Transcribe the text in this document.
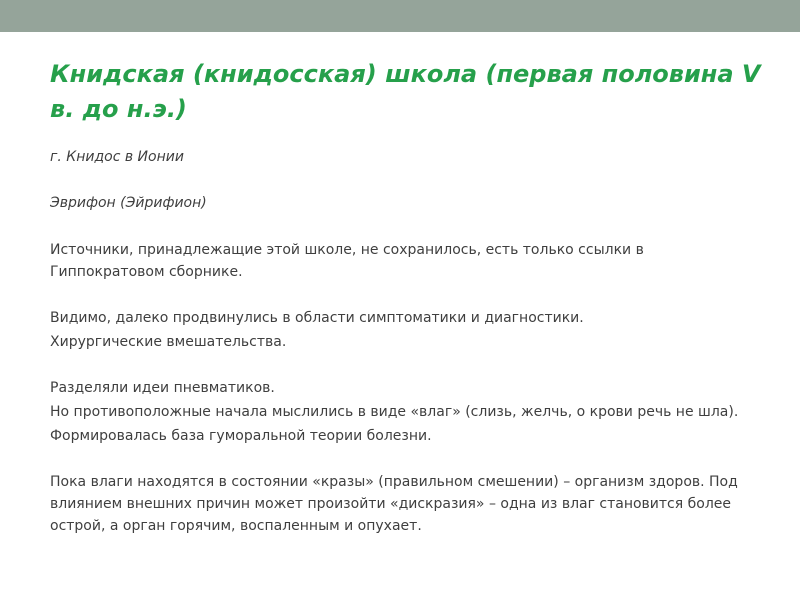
Книдская (книдосская) школа (первая половина V в. до н.э.)

г. Книдос в Ионии

Эврифон (Эйрифион)

Источники, принадлежащие этой школе, не сохранилось, есть только ссылки в Гиппократовом сборнике.

Видимо, далеко продвинулись в области симптоматики и диагностики.

Хирургические вмешательства.

Разделяли идеи пневматиков.

Но противоположные начала мыслились в виде «влаг» (слизь, желчь, о крови речь не шла).

Формировалась база гуморальной теории болезни.

Пока влаги находятся в состоянии «кразы» (правильном смешении) – организм здоров. Под влиянием внешних причин может произойти «дискразия» – одна из влаг становится более острой, а орган горячим, воспаленным и опухает.
